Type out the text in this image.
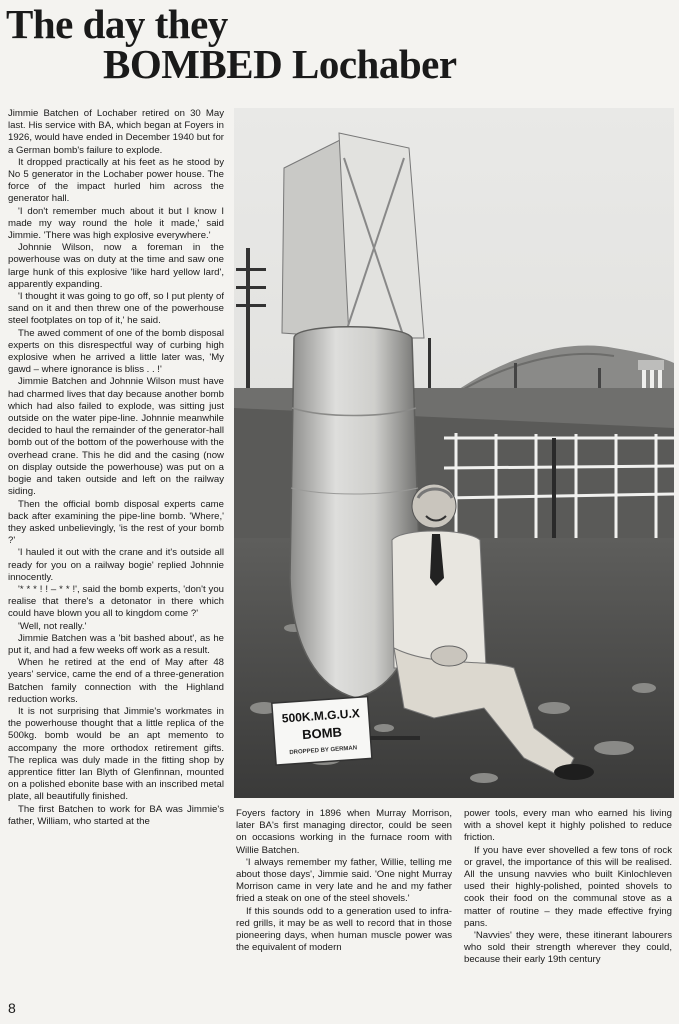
The day they
BOMBED Lochaber

Jimmie Batchen of Lochaber retired on 30 May last. His service with BA, which began at Foyers in 1926, would have ended in December 1940 but for a German bomb's failure to explode.

It dropped practically at his feet as he stood by No 5 generator in the Lochaber power house. The force of the impact hurled him across the generator hall.

'I don't remember much about it but I know I made my way round the hole it made,' said Jimmie. 'There was high explosive everywhere.'

Johnnie Wilson, now a foreman in the powerhouse was on duty at the time and saw one large hunk of this explosive 'like hard yellow lard', apparently expanding.

'I thought it was going to go off, so I put plenty of sand on it and then threw one of the powerhouse steel footplates on top of it,' he said.

The awed comment of one of the bomb disposal experts on this disrespectful way of curbing high explosive when he arrived a little later was, 'My gawd – where ignorance is bliss . . !'

Jimmie Batchen and Johnnie Wilson must have had charmed lives that day because another bomb which had also failed to explode, was sitting just outside on the water pipe-line. Johnnie meanwhile decided to haul the remainder of the generator-hall bomb out of the bottom of the powerhouse with the overhead crane. This he did and the casing (now on display outside the powerhouse) was put on a bogie and taken outside and left on the railway siding.

Then the official bomb disposal experts came back after examining the pipe-line bomb. 'Where,' they asked unbelievingly, 'is the rest of your bomb ?'

'I hauled it out with the crane and it's outside all ready for you on a railway bogie' replied Johnnie innocently.

'* * * ! ! – * * !', said the bomb experts, 'don't you realise that there's a detonator in there which could have blown you all to kingdom come ?'

'Well, not really.'

Jimmie Batchen was a 'bit bashed about', as he put it, and had a few weeks off work as a result.

When he retired at the end of May after 48 years' service, came the end of a three-generation Batchen family connection with the Highland reduction works.

It is not surprising that Jimmie's workmates in the powerhouse thought that a little replica of the 500kg. bomb would be an apt memento to accompany the more orthodox retirement gifts. The replica was duly made in the fitting shop by apprentice fitter Ian Blyth of Glenfinnan, mounted on a polished ebonite base with an inscribed metal plate, all beautifully finished.

The first Batchen to work for BA was Jimmie's father, William, who started at the

500K.M.G.U.X
BOMB
DROPPED BY GERMAN

Foyers factory in 1896 when Murray Morrison, later BA's first managing director, could be seen on occasions working in the furnace room with Willie Batchen.

'I always remember my father, Willie, telling me about those days', Jimmie said. 'One night Murray Morrison came in very late and he and my father fried a steak on one of the steel shovels.'

If this sounds odd to a generation used to infra-red grills, it may be as well to record that in those pioneering days, when human muscle power was the equivalent of modern

power tools, every man who earned his living with a shovel kept it highly polished to reduce friction.

If you have ever shovelled a few tons of rock or gravel, the importance of this will be realised. All the unsung navvies who built Kinlochleven used their highly-polished, pointed shovels to cook their food on the communal stove as a matter of routine – they made effective frying pans.

'Navvies' they were, these itinerant labourers who sold their strength wherever they could, because their early 19th century

8
